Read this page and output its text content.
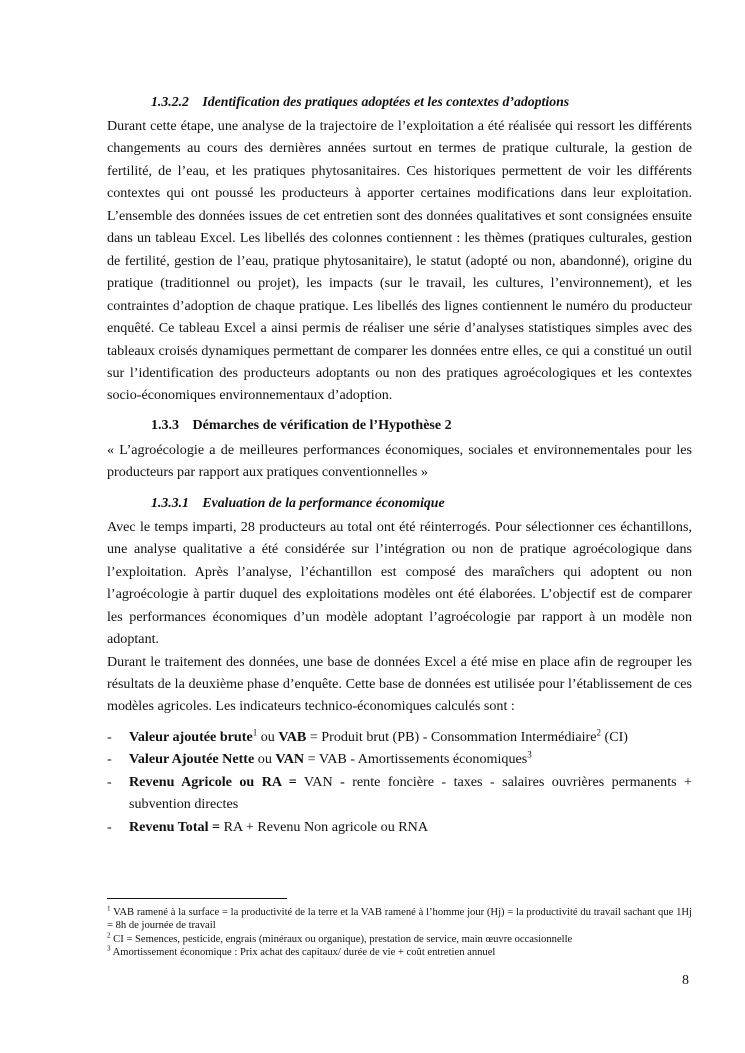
1.3.2.2 Identification des pratiques adoptées et les contextes d’adoptions

Durant cette étape, une analyse de la trajectoire de l’exploitation a été réalisée qui ressort les différents changements au cours des dernières années surtout en termes de pratique culturale, la gestion de fertilité, de l’eau, et les pratiques phytosanitaires. Ces historiques permettent de voir les différents contextes qui ont poussé les producteurs à apporter certaines modifications dans leur exploitation. L’ensemble des données issues de cet entretien sont des données qualitatives et sont consignées ensuite dans un tableau Excel. Les libellés des colonnes contiennent : les thèmes (pratiques culturales, gestion de fertilité, gestion de l’eau, pratique phytosanitaire), le statut (adopté ou non, abandonné), origine du pratique (traditionnel ou projet), les impacts (sur le travail, les cultures, l’environnement), et les contraintes d’adoption de chaque pratique. Les libellés des lignes contiennent le numéro du producteur enquêté. Ce tableau Excel a ainsi permis de réaliser une série d’analyses statistiques simples avec des tableaux croisés dynamiques permettant de comparer les données entre elles, ce qui a constitué un outil sur l’identification des producteurs adoptants ou non des pratiques agroécologiques et les contextes socio-économiques environnementaux d’adoption.

1.3.3 Démarches de vérification de l’Hypothèse 2

« L’agroécologie a de meilleures performances économiques, sociales et environnementales pour les producteurs par rapport aux pratiques conventionnelles »

1.3.3.1 Evaluation de la performance économique

Avec le temps imparti, 28 producteurs au total ont été réinterrogés. Pour sélectionner ces échantillons, une analyse qualitative a été considérée sur l’intégration ou non de pratique agroécologique dans l’exploitation. Après l’analyse, l’échantillon est composé des maraîchers qui adoptent ou non l’agroécologie à partir duquel des exploitations modèles ont été élaborées. L’objectif est de comparer les performances économiques d’un modèle adoptant l’agroécologie par rapport à un modèle non adoptant.

Durant le traitement des données, une base de données Excel a été mise en place afin de regrouper les résultats de la deuxième phase d’enquête. Cette base de données est utilisée pour l’établissement de ces modèles agricoles. Les indicateurs technico-économiques calculés sont :

- Valeur ajoutée brute$^1$ ou VAB = Produit brut (PB) - Consommation Intermédiaire$^2$ (CI)
- Valeur Ajoutée Nette ou VAN = VAB - Amortissements économiques$^3$
- Revenu Agricole ou RA = VAN - rente foncière - taxes - salaires ouvrières permanents + subvention directes
- Revenu Total = RA + Revenu Non agricole ou RNA

$^1$ VAB ramené à la surface = la productivité de la terre et la VAB ramené à l’homme jour (Hj) = la productivité du travail sachant que 1Hj = 8h de journée de travail

$^2$ CI = Semences, pesticide, engrais (minéraux ou organique), prestation de service, main œuvre occasionnelle

$^3$ Amortissement économique : Prix achat des capitaux/ durée de vie + coût entretien annuel

8
